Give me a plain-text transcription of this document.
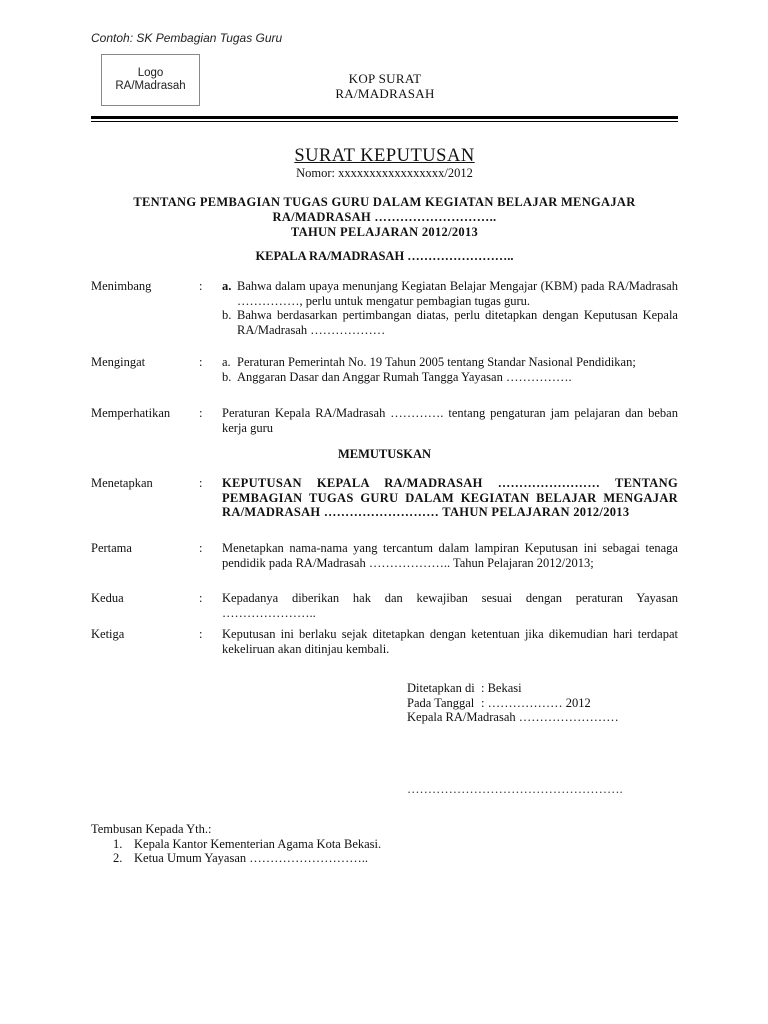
Contoh: SK Pembagian Tugas Guru
Logo
RA/Madrasah	KOP SURAT
RA/MADRASAH
SURAT KEPUTUSAN
Nomor: xxxxxxxxxxxxxxxxx/2012
TENTANG PEMBAGIAN TUGAS GURU DALAM KEGIATAN BELAJAR MENGAJAR
RA/MADRASAH ………………………..
TAHUN PELAJARAN 2012/2013
KEPALA RA/MADRASAH ……………………..
Menimbang	: a. Bahwa dalam upaya menunjang Kegiatan Belajar Mengajar (KBM) pada RA/Madrasah ……………, perlu untuk mengatur pembagian tugas guru.
b. Bahwa berdasarkan pertimbangan diatas, perlu ditetapkan dengan Keputusan Kepala RA/Madrasah ………………
Mengingat	: a. Peraturan Pemerintah No. 19 Tahun 2005 tentang Standar Nasional Pendidikan;
b. Anggaran Dasar dan Anggar Rumah Tangga Yayasan …………….
Memperhatikan : Peraturan Kepala RA/Madrasah …………. tentang pengaturan jam pelajaran dan beban kerja guru
MEMUTUSKAN
Menetapkan	: KEPUTUSAN KEPALA RA/MADRASAH …………………… TENTANG PEMBAGIAN TUGAS GURU DALAM KEGIATAN BELAJAR MENGAJAR RA/MADRASAH ……………………… TAHUN PELAJARAN 2012/2013
Pertama	: Menetapkan nama-nama yang tercantum dalam lampiran Keputusan ini sebagai tenaga pendidik pada RA/Madrasah ……………….. Tahun Pelajaran 2012/2013;
Kedua	: Kepadanya diberikan hak dan kewajiban sesuai dengan peraturan Yayasan …………………..
Ketiga	: Keputusan ini berlaku sejak ditetapkan dengan ketentuan jika dikemudian hari terdapat kekeliruan akan ditinjau kembali.
Ditetapkan di : Bekasi
Pada Tanggal : ……………… 2012
Kepala RA/Madrasah ……………………
…………………………………………….
Tembusan Kepada Yth.:
1. Kepala Kantor Kementerian Agama Kota Bekasi.
2. Ketua Umum Yayasan ………………………..
